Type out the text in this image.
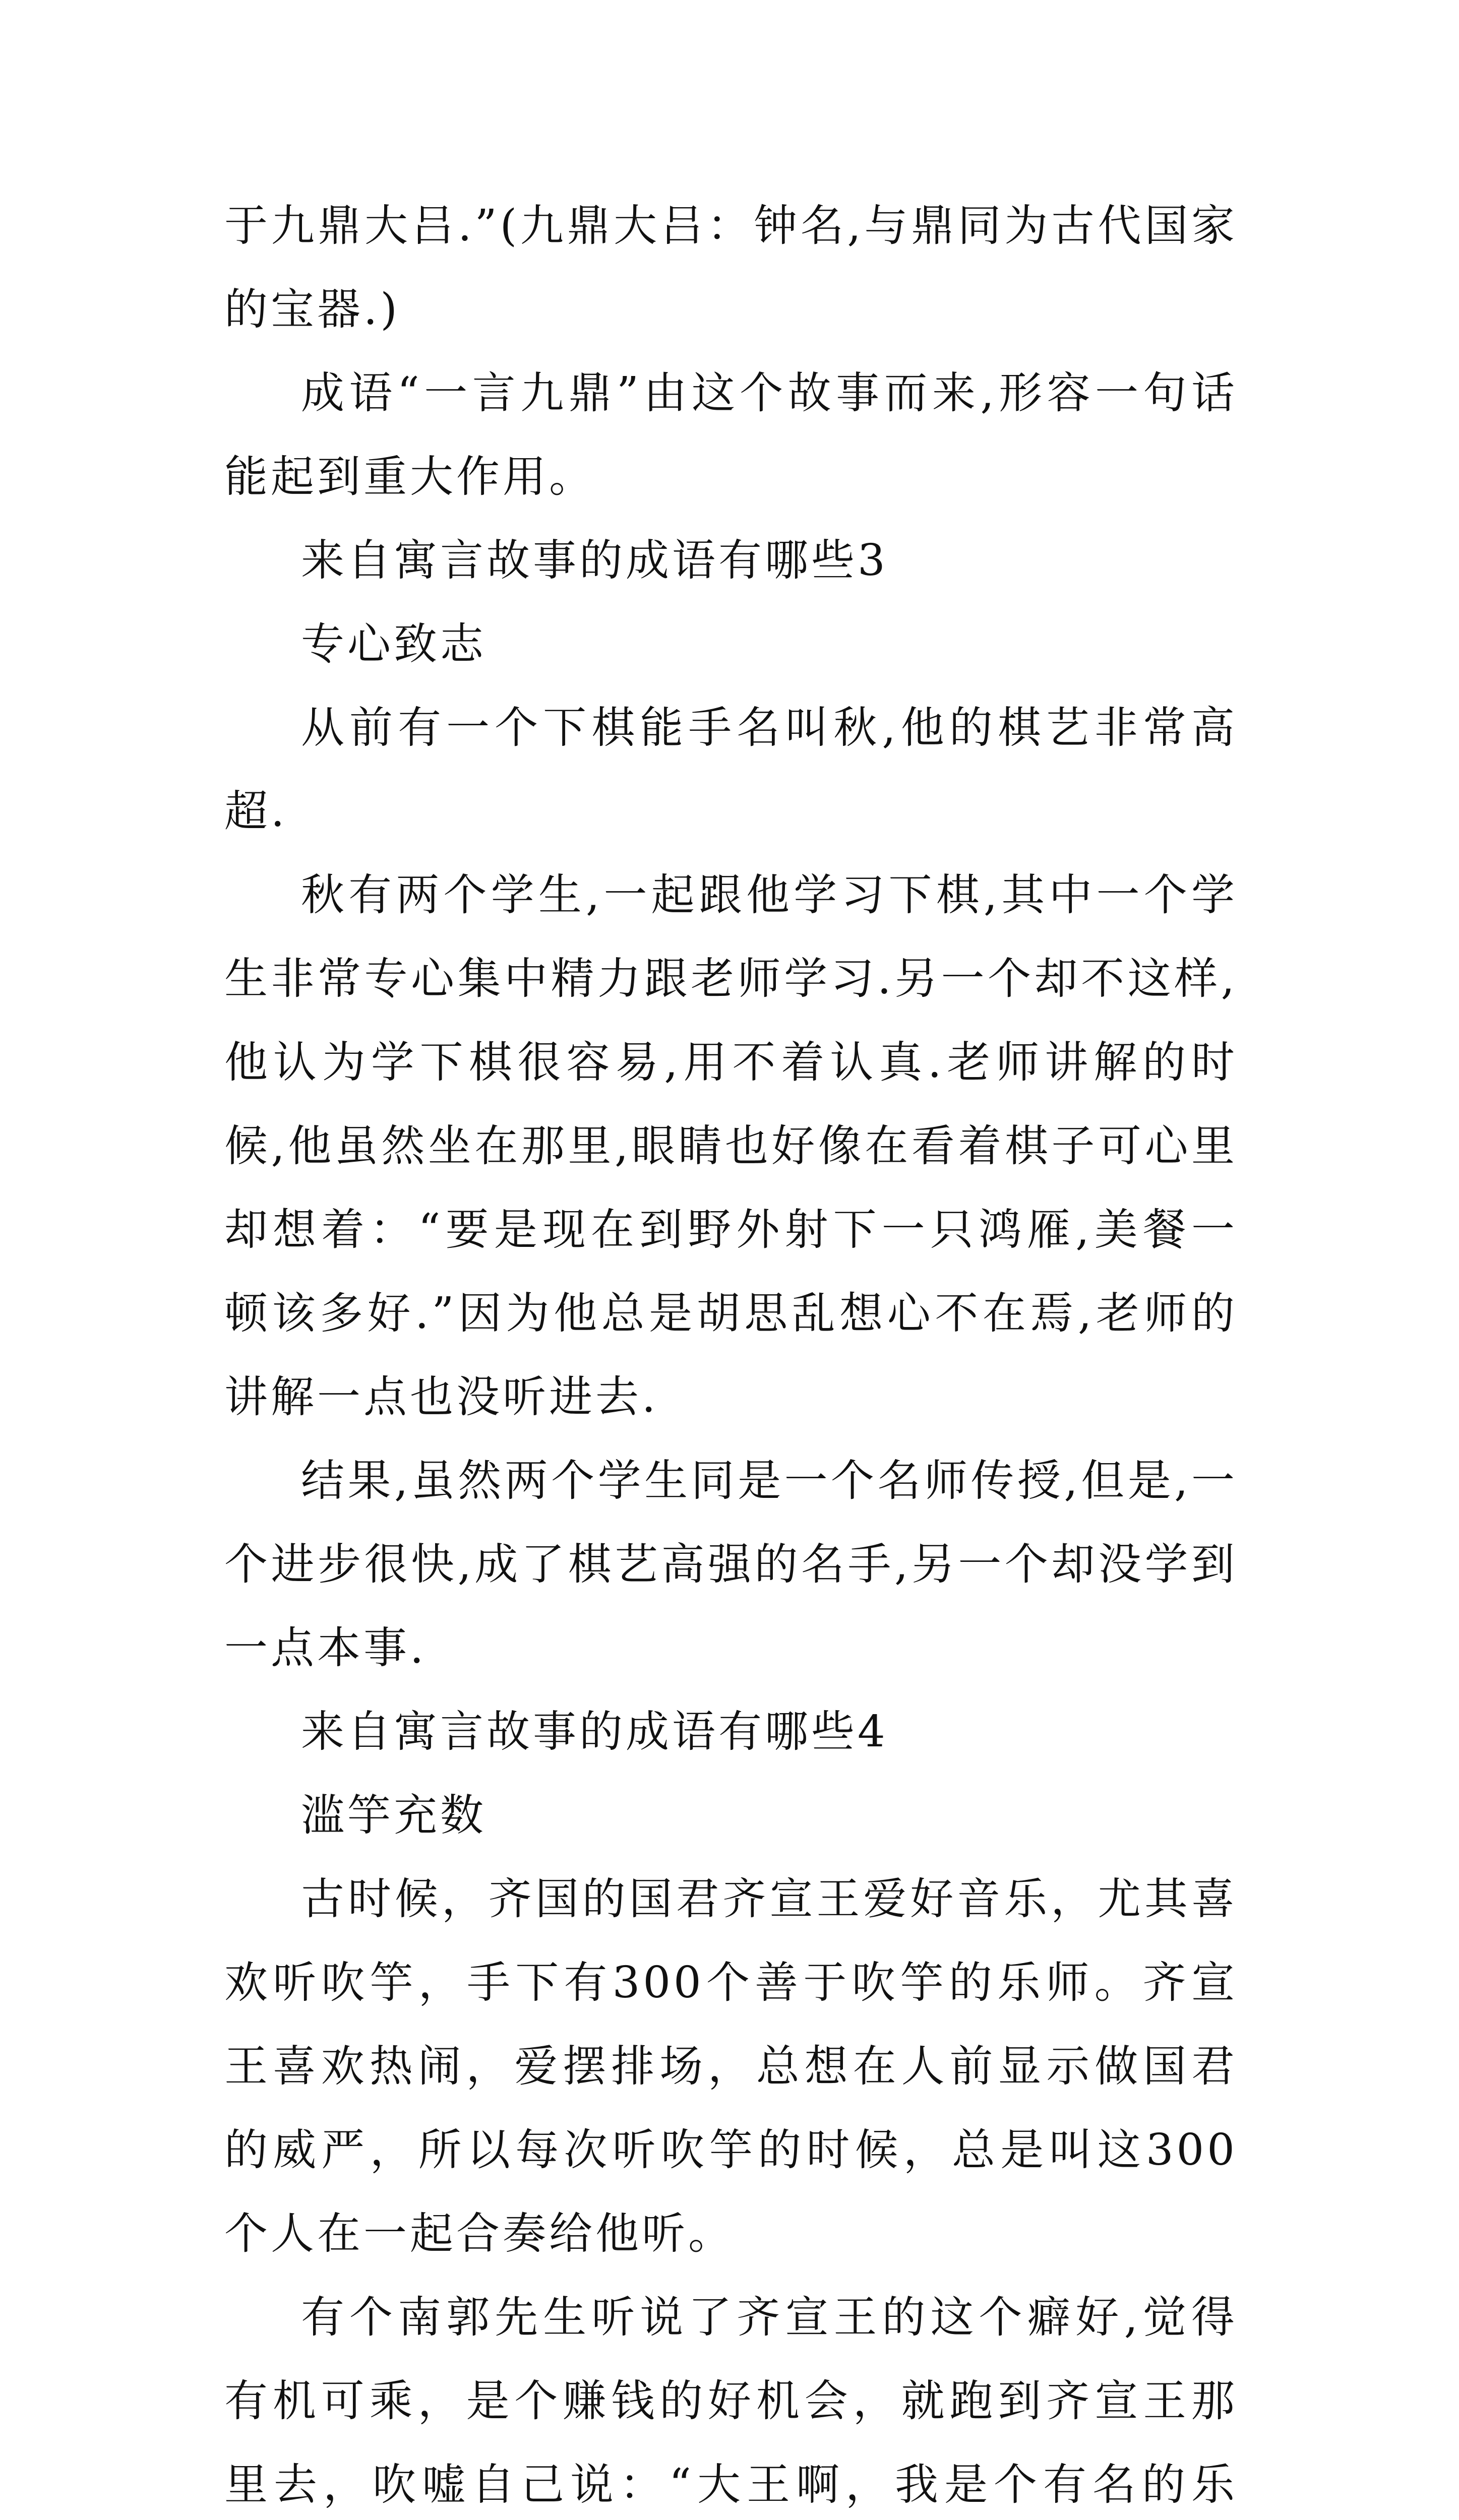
于九鼎大吕.”(九鼎大吕：钟名,与鼎同为古代国家的宝器.)

成语“一言九鼎”由这个故事而来,形容一句话能起到重大作用。

来自寓言故事的成语有哪些3

专心致志

从前有一个下棋能手名叫秋,他的棋艺非常高超.

秋有两个学生,一起跟他学习下棋,其中一个学生非常专心集中精力跟老师学习.另一个却不这样,他认为学下棋很容易,用不着认真.老师讲解的时候,他虽然坐在那里,眼睛也好像在看着棋子可心里却想着：“要是现在到野外射下一只鸿雁,美餐一顿该多好.”因为他总是胡思乱想心不在焉,老师的讲解一点也没听进去.

结果,虽然两个学生同是一个名师传授,但是,一个进步很快,成了棋艺高强的名手,另一个却没学到一点本事.

来自寓言故事的成语有哪些4

滥竽充数

古时候，齐国的国君齐宣王爱好音乐，尤其喜欢听吹竽，手下有300个善于吹竽的乐师。齐宣王喜欢热闹，爱摆排场，总想在人前显示做国君的威严，所以每次听吹竽的时候，总是叫这300个人在一起合奏给他听。

有个南郭先生听说了齐宣王的这个癖好,觉得有机可乘，是个赚钱的好机会，就跑到齐宣王那里去，吹嘘自己说：“大王啊，我是个有名的乐
